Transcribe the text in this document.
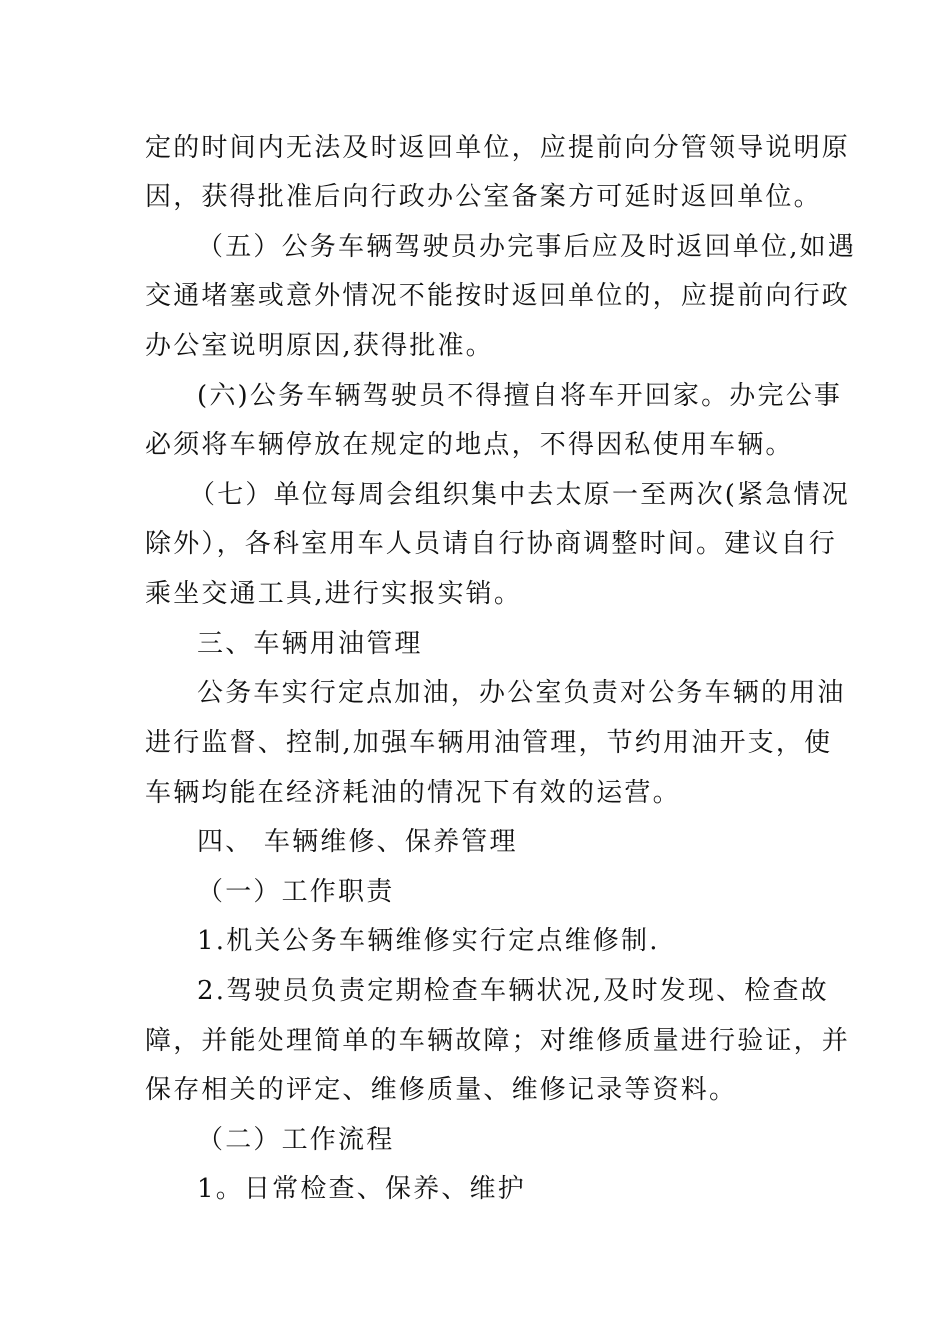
定的时间内无法及时返回单位，应提前向分管领导说明原
因，获得批准后向行政办公室备案方可延时返回单位。
（五）公务车辆驾驶员办完事后应及时返回单位,如遇
交通堵塞或意外情况不能按时返回单位的，应提前向行政
办公室说明原因,获得批准。
(六)公务车辆驾驶员不得擅自将车开回家。办完公事
必须将车辆停放在规定的地点，不得因私使用车辆。
（七）单位每周会组织集中去太原一至两次(紧急情况
除外），各科室用车人员请自行协商调整时间。建议自行
乘坐交通工具,进行实报实销。
三、车辆用油管理
公务车实行定点加油，办公室负责对公务车辆的用油
进行监督、控制,加强车辆用油管理，节约用油开支，使
车辆均能在经济耗油的情况下有效的运营。
四、 车辆维修、保养管理
（一）工作职责
1.机关公务车辆维修实行定点维修制.
2.驾驶员负责定期检查车辆状况,及时发现、检查故
障，并能处理简单的车辆故障；对维修质量进行验证，并
保存相关的评定、维修质量、维修记录等资料。
（二）工作流程
1。日常检查、保养、维护
